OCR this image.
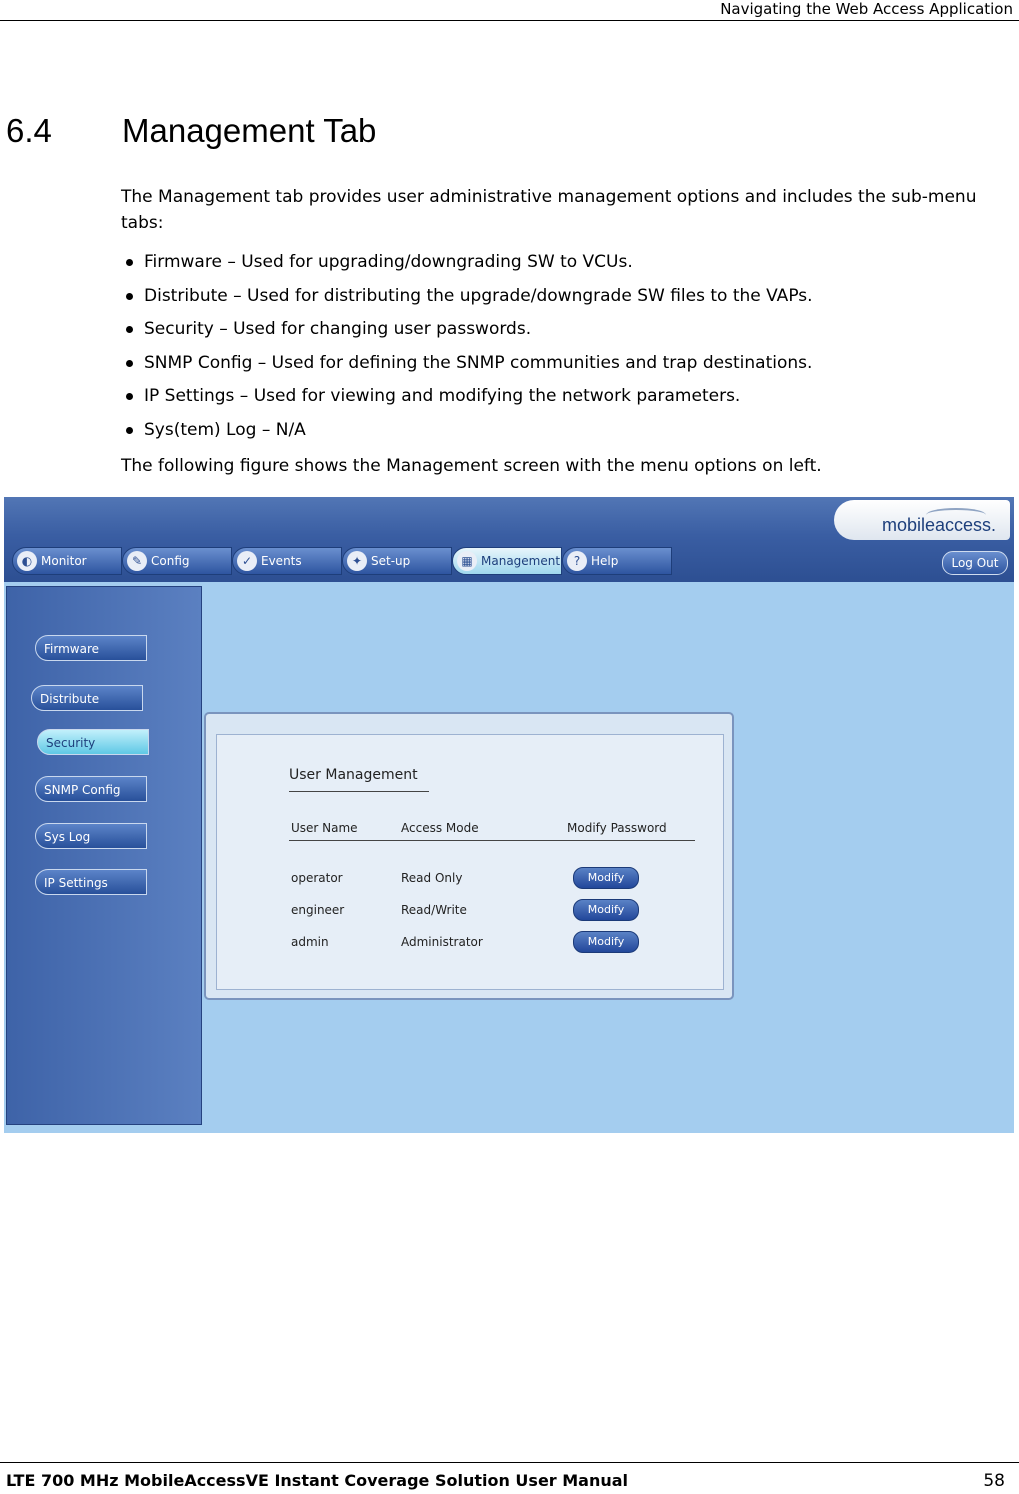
Navigating the Web Access Application
6.4 Management Tab
The Management tab provides user administrative management options and includes the sub-menu tabs:
Firmware – Used for upgrading/downgrading SW to VCUs.
Distribute – Used for distributing the upgrade/downgrade SW files to the VAPs.
Security – Used for changing user passwords.
SNMP Config – Used for defining the SNMP communities and trap destinations.
IP Settings – Used for viewing and modifying the network parameters.
Sys(tem) Log – N/A
The following figure shows the Management screen with the menu options on left.
mobileaccess.
◐ Monitor	✎ Config	✓ Events	✦ Set-up	▦ Management	? Help	Log Out
Firmware
Distribute
Security
SNMP Config
Sys Log
IP Settings
User Management
User Name	Access Mode	Modify Password
operator	Read Only	Modify
engineer	Read/Write	Modify
admin	Administrator	Modify
LTE 700 MHz MobileAccessVE Instant Coverage Solution User Manual	58
